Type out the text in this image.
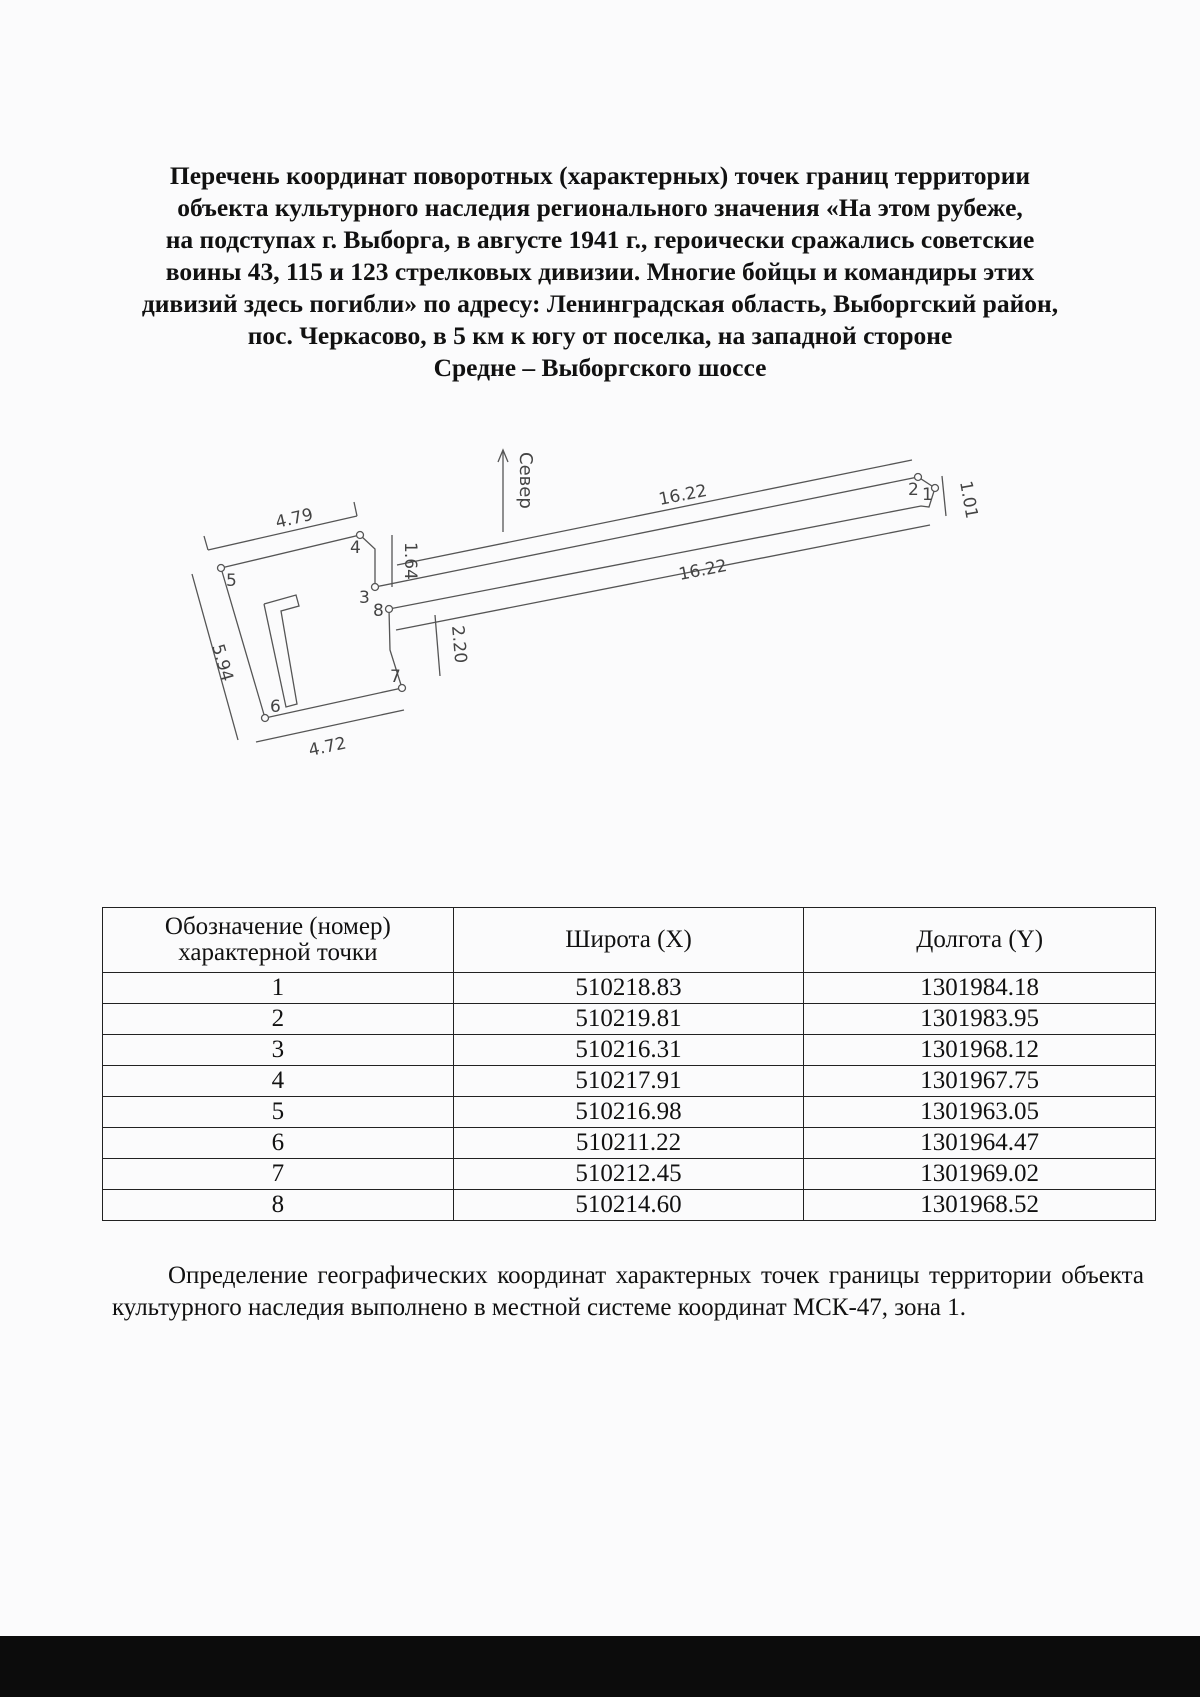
Перечень координат поворотных (характерных) точек границ территории
объекта культурного наследия регионального значения «На этом рубеже,
на подступах г. Выборга, в августе 1941 г., героически сражались советские
воины 43, 115 и 123 стрелковых дивизии. Многие бойцы и командиры этих
дивизий здесь погибли» по адресу: Ленинградская область, Выборгский район,
пос. Черкасово, в 5 км к югу от поселка, на западной стороне
Средне – Выборгского шоссе
Север	1
2
3
4
5
6
7
8
4.79
1.64
16.22	1.01
16.22
2.20
4.72
5.94
Обозначение (номер) характерной точки	Широта (X)	Долгота (Y)
1	510218.83	1301984.18
2	510219.81	1301983.95
3	510216.31	1301968.12
4	510217.91	1301967.75
5	510216.98	1301963.05
6	510211.22	1301964.47
7	510212.45	1301969.02
8	510214.60	1301968.52

Определение географических координат характерных точек границы территории объекта культурного наследия выполнено в местной системе координат МСК-47, зона 1.
